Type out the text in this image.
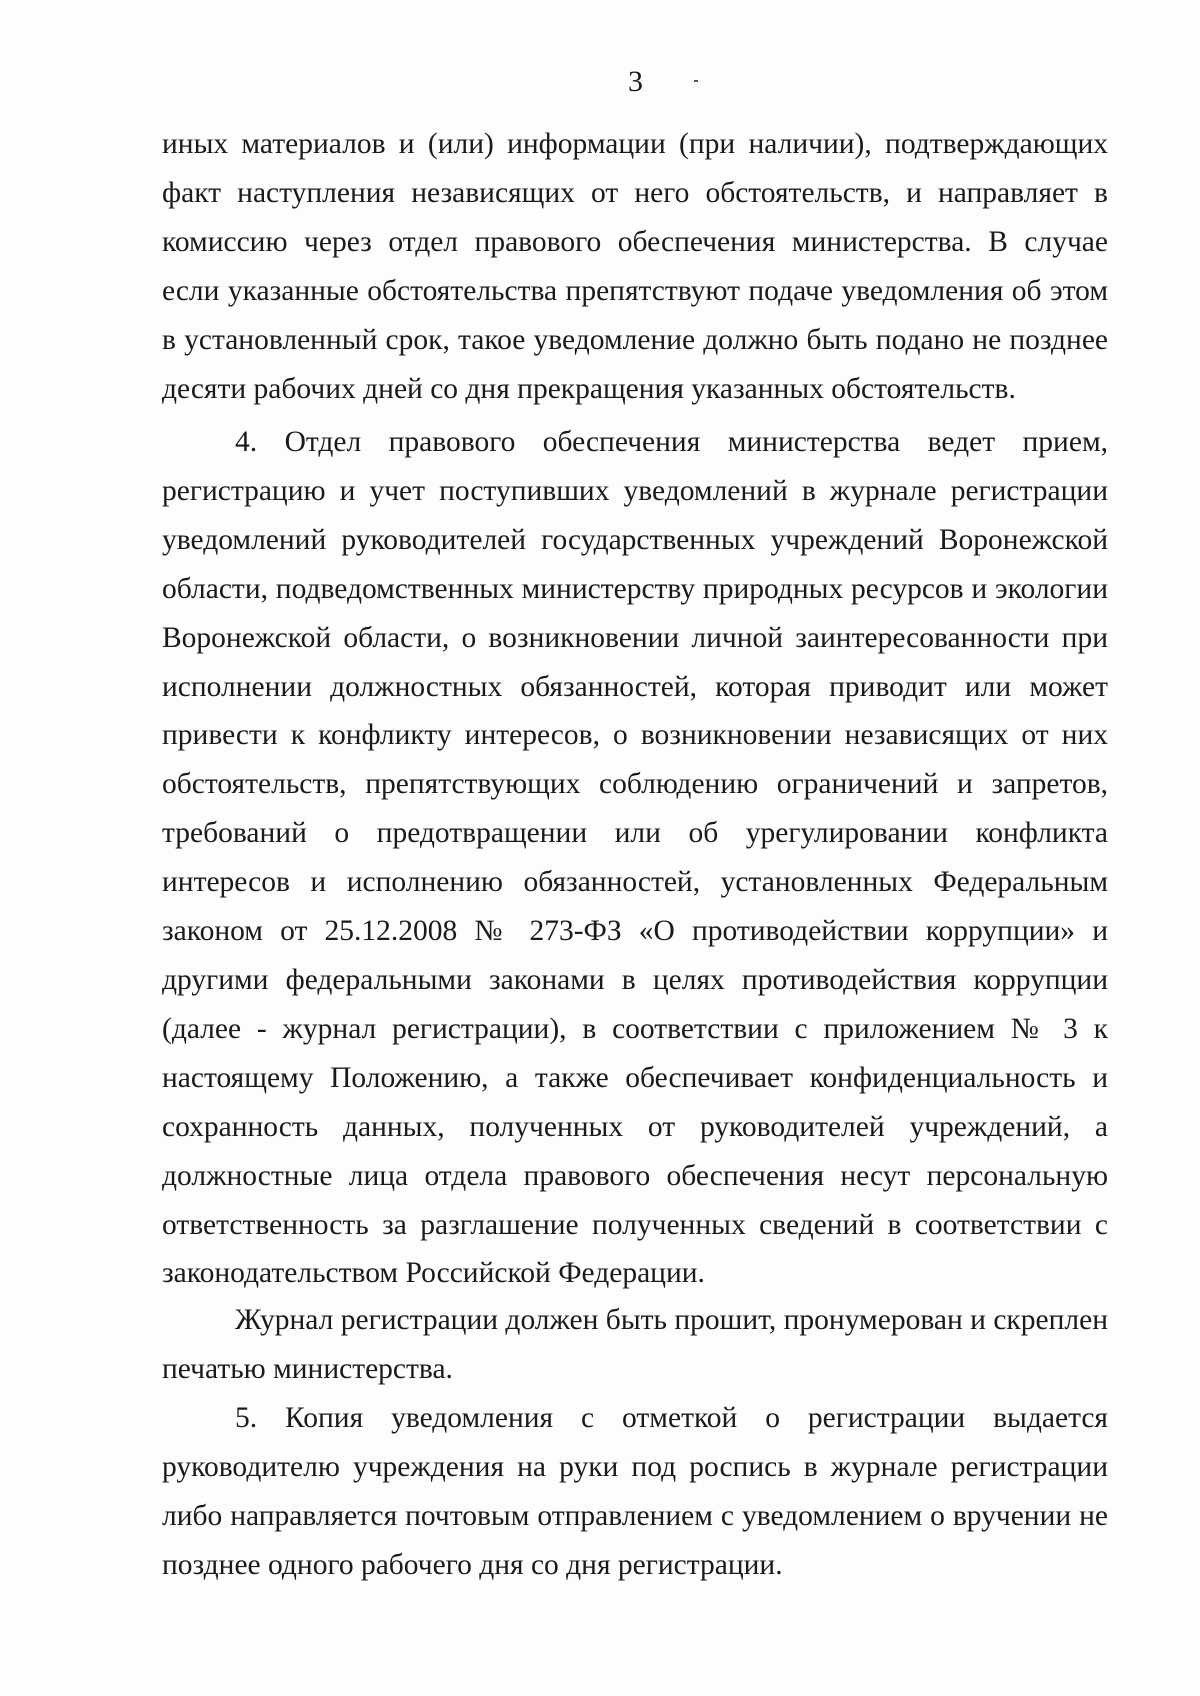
3

иных материалов и (или) информации (при наличии), подтверждающих факт наступления независящих от него обстоятельств, и направляет в комиссию через отдел правового обеспечения министерства. В случае если указанные обстоятельства препятствуют подаче уведомления об этом в установленный срок, такое уведомление должно быть подано не позднее десяти рабочих дней со дня прекращения указанных обстоятельств.

4. Отдел правового обеспечения министерства ведет прием, регистрацию и учет поступивших уведомлений в журнале регистрации уведомлений руководителей государственных учреждений Воронежской области, подведомственных министерству природных ресурсов и экологии Воронежской области, о возникновении личной заинтересованности при исполнении должностных обязанностей, которая приводит или может привести к конфликту интересов, о возникновении независящих от них обстоятельств, препятствующих соблюдению ограничений и запретов, требований о предотвращении или об урегулировании конфликта интересов и исполнению обязанностей, установленных Федеральным законом от 25.12.2008 № 273-ФЗ «О противодействии коррупции» и другими федеральными законами в целях противодействия коррупции (далее - журнал регистрации), в соответствии с приложением № 3 к настоящему Положению, а также обеспечивает конфиденциальность и сохранность данных, полученных от руководителей учреждений, а должностные лица отдела правового обеспечения несут персональную ответственность за разглашение полученных сведений в соответствии с законодательством Российской Федерации.

Журнал регистрации должен быть прошит, пронумерован и скреплен печатью министерства.

5. Копия уведомления с отметкой о регистрации выдается руководителю учреждения на руки под роспись в журнале регистрации либо направляется почтовым отправлением с уведомлением о вручении не позднее одного рабочего дня со дня регистрации.
